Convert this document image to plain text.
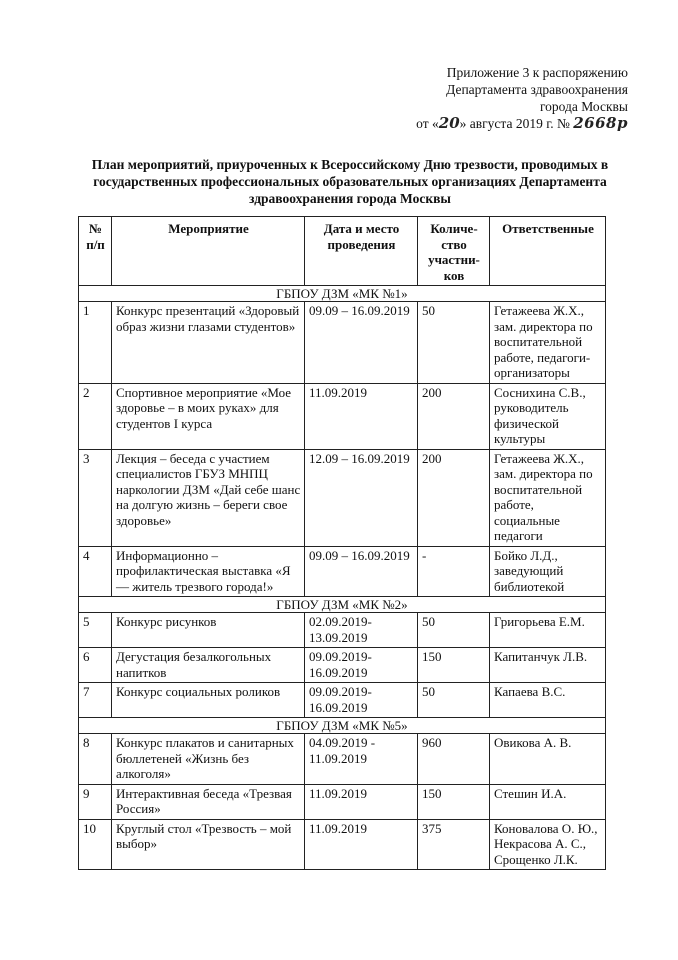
Приложение 3 к распоряжению
Департамента здравоохранения
города Москвы
от «20» августа 2019 г. № 2668р
План мероприятий, приуроченных к Всероссийскому Дню трезвости, проводимых в государственных профессиональных образовательных организациях Департамента здравоохранения города Москвы
№ п/п	Мероприятие	Дата и место проведения	Количе-ство участни-ков	Ответственные
ГБПОУ ДЗМ «МК №1»				
1	Конкурс презентаций «Здоровый образ жизни глазами студентов»	09.09 – 16.09.2019	50	Гетажеева Ж.Х., зам. директора по воспитательной работе, педагоги-организаторы
2	Спортивное мероприятие «Мое здоровье – в моих руках» для студентов I курса	11.09.2019	200	Соснихина С.В., руководитель физической культуры
3	Лекция – беседа с участием специалистов ГБУЗ МНПЦ наркологии ДЗМ «Дай себе шанс на долгую жизнь – береги свое здоровье»	12.09 – 16.09.2019	200	Гетажеева Ж.Х., зам. директора по воспитательной работе, социальные педагоги
4	Информационно – профилактическая выставка «Я — житель трезвого города!»	09.09 – 16.09.2019	-	Бойко Л.Д., заведующий библиотекой
ГБПОУ ДЗМ «МК №2»				
5	Конкурс рисунков	02.09.2019-13.09.2019	50	Григорьева Е.М.
6	Дегустация безалкогольных напитков	09.09.2019-16.09.2019	150	Капитанчук Л.В.
7	Конкурс социальных роликов	09.09.2019-16.09.2019	50	Капаева В.С.
ГБПОУ ДЗМ «МК №5»				
8	Конкурс плакатов и санитарных бюллетеней «Жизнь без алкоголя»	04.09.2019 - 11.09.2019	960	Овикова А. В.
9	Интерактивная беседа «Трезвая Россия»	11.09.2019	150	Стешин И.А.
10	Круглый стол «Трезвость – мой выбор»	11.09.2019	375	Коновалова О. Ю., Некрасова А. С., Срощенко Л.К.
